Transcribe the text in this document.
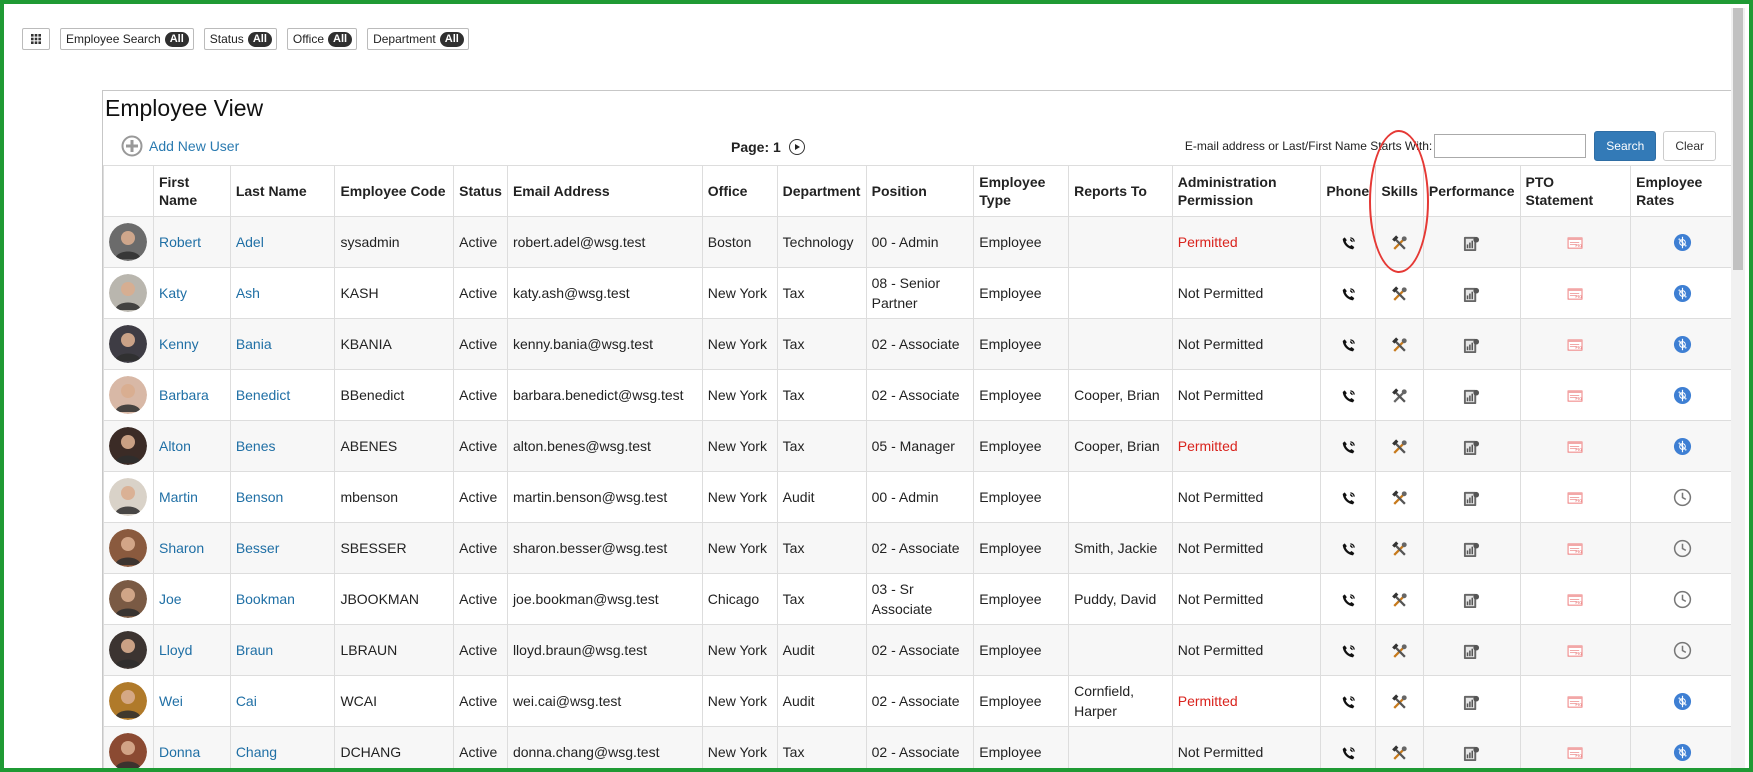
Employee Search All	Status All	Office All	Department All
Employee View
Add New User	Page: 1	E-mail address or Last/First Name Starts With:	Search	Clear
	First Name	Last Name	Employee Code	Status	Email Address	Office	Department	Position	Employee Type	Reports To	Administration Permission	Phone	Skills	Performance	PTO Statement	Employee Rates

	Robert	Adel	sysadmin	Active	robert.adel@wsg.test	Boston	Technology	00 - Admin	Employee		Permitted				PTO

	Katy	Ash	KASH	Active	katy.ash@wsg.test	New York	Tax	08 - Senior Partner	Employee		Not Permitted				PTO

	Kenny	Bania	KBANIA	Active	kenny.bania@wsg.test	New York	Tax	02 - Associate	Employee		Not Permitted				PTO

	Barbara	Benedict	BBenedict	Active	barbara.benedict@wsg.test	New York	Tax	02 - Associate	Employee	Cooper, Brian	Not Permitted				PTO

	Alton	Benes	ABENES	Active	alton.benes@wsg.test	New York	Tax	05 - Manager	Employee	Cooper, Brian	Permitted				PTO

	Martin	Benson	mbenson	Active	martin.benson@wsg.test	New York	Audit	00 - Admin	Employee		Not Permitted				PTO

	Sharon	Besser	SBESSER	Active	sharon.besser@wsg.test	New York	Tax	02 - Associate	Employee	Smith, Jackie	Not Permitted				PTO

	Joe	Bookman	JBOOKMAN	Active	joe.bookman@wsg.test	Chicago	Tax	03 - Sr Associate	Employee	Puddy, David	Not Permitted				PTO

	Lloyd	Braun	LBRAUN	Active	lloyd.braun@wsg.test	New York	Audit	02 - Associate	Employee		Not Permitted				PTO

	Wei	Cai	WCAI	Active	wei.cai@wsg.test	New York	Audit	02 - Associate	Employee	Cornfield, Harper	Permitted				PTO

	Donna	Chang	DCHANG	Active	donna.chang@wsg.test	New York	Tax	02 - Associate	Employee		Not Permitted				PTO
